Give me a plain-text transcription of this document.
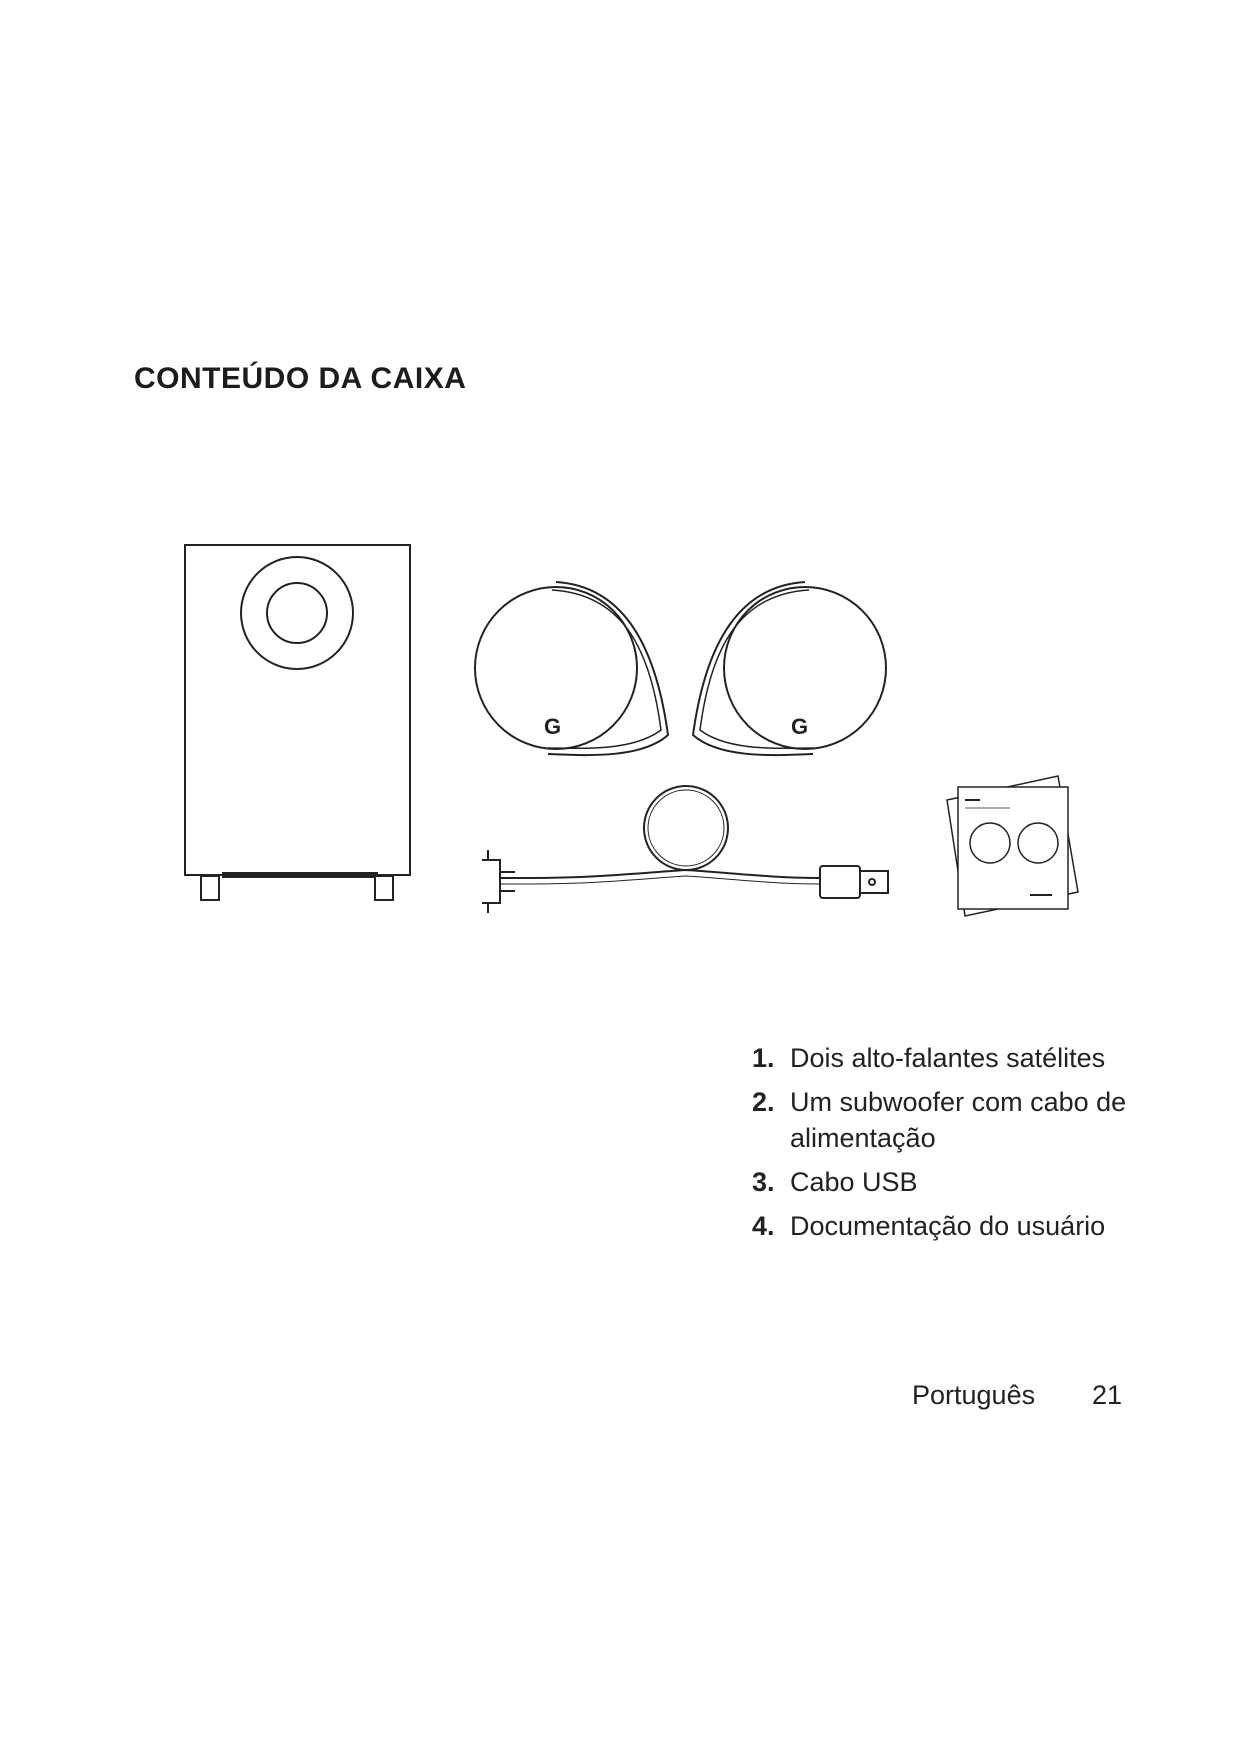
CONTEÚDO DA CAIXA
G	G
1. Dois alto-falantes satélites
2. Um subwoofer com cabo de alimentação
3. Cabo USB
4. Documentação do usuário
Português 21
